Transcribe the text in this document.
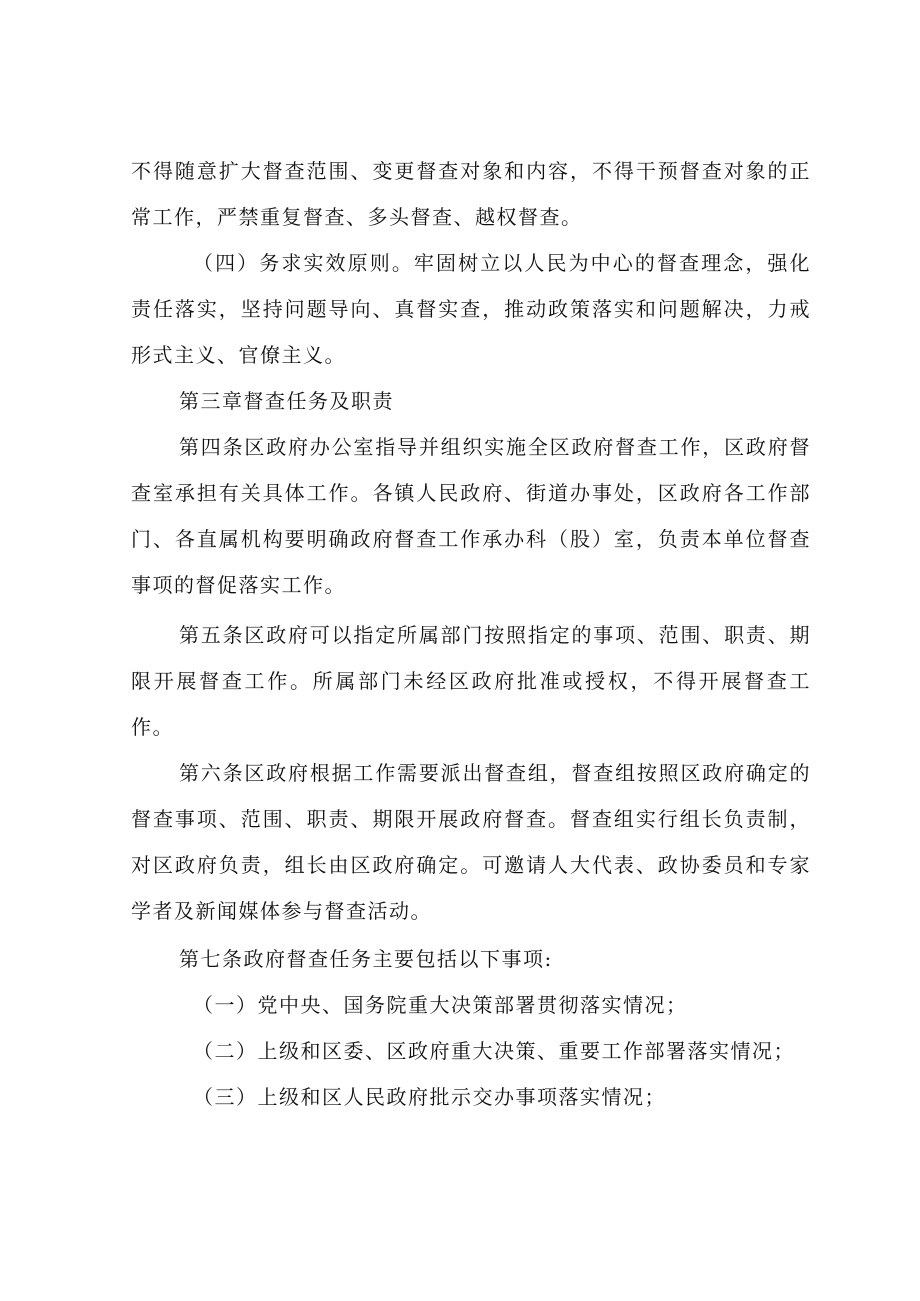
不得随意扩大督查范围、变更督查对象和内容，不得干预督查对象的正常工作，严禁重复督查、多头督查、越权督查。

（四）务求实效原则。牢固树立以人民为中心的督查理念，强化责任落实，坚持问题导向、真督实查，推动政策落实和问题解决，力戒形式主义、官僚主义。

第三章督查任务及职责

第四条区政府办公室指导并组织实施全区政府督查工作，区政府督查室承担有关具体工作。各镇人民政府、街道办事处，区政府各工作部门、各直属机构要明确政府督查工作承办科（股）室，负责本单位督查事项的督促落实工作。

第五条区政府可以指定所属部门按照指定的事项、范围、职责、期限开展督查工作。所属部门未经区政府批准或授权，不得开展督查工作。

第六条区政府根据工作需要派出督查组，督查组按照区政府确定的督查事项、范围、职责、期限开展政府督查。督查组实行组长负责制，对区政府负责，组长由区政府确定。可邀请人大代表、政协委员和专家学者及新闻媒体参与督查活动。

第七条政府督查任务主要包括以下事项:

（一）党中央、国务院重大决策部署贯彻落实情况；

（二）上级和区委、区政府重大决策、重要工作部署落实情况；

（三）上级和区人民政府批示交办事项落实情况；
